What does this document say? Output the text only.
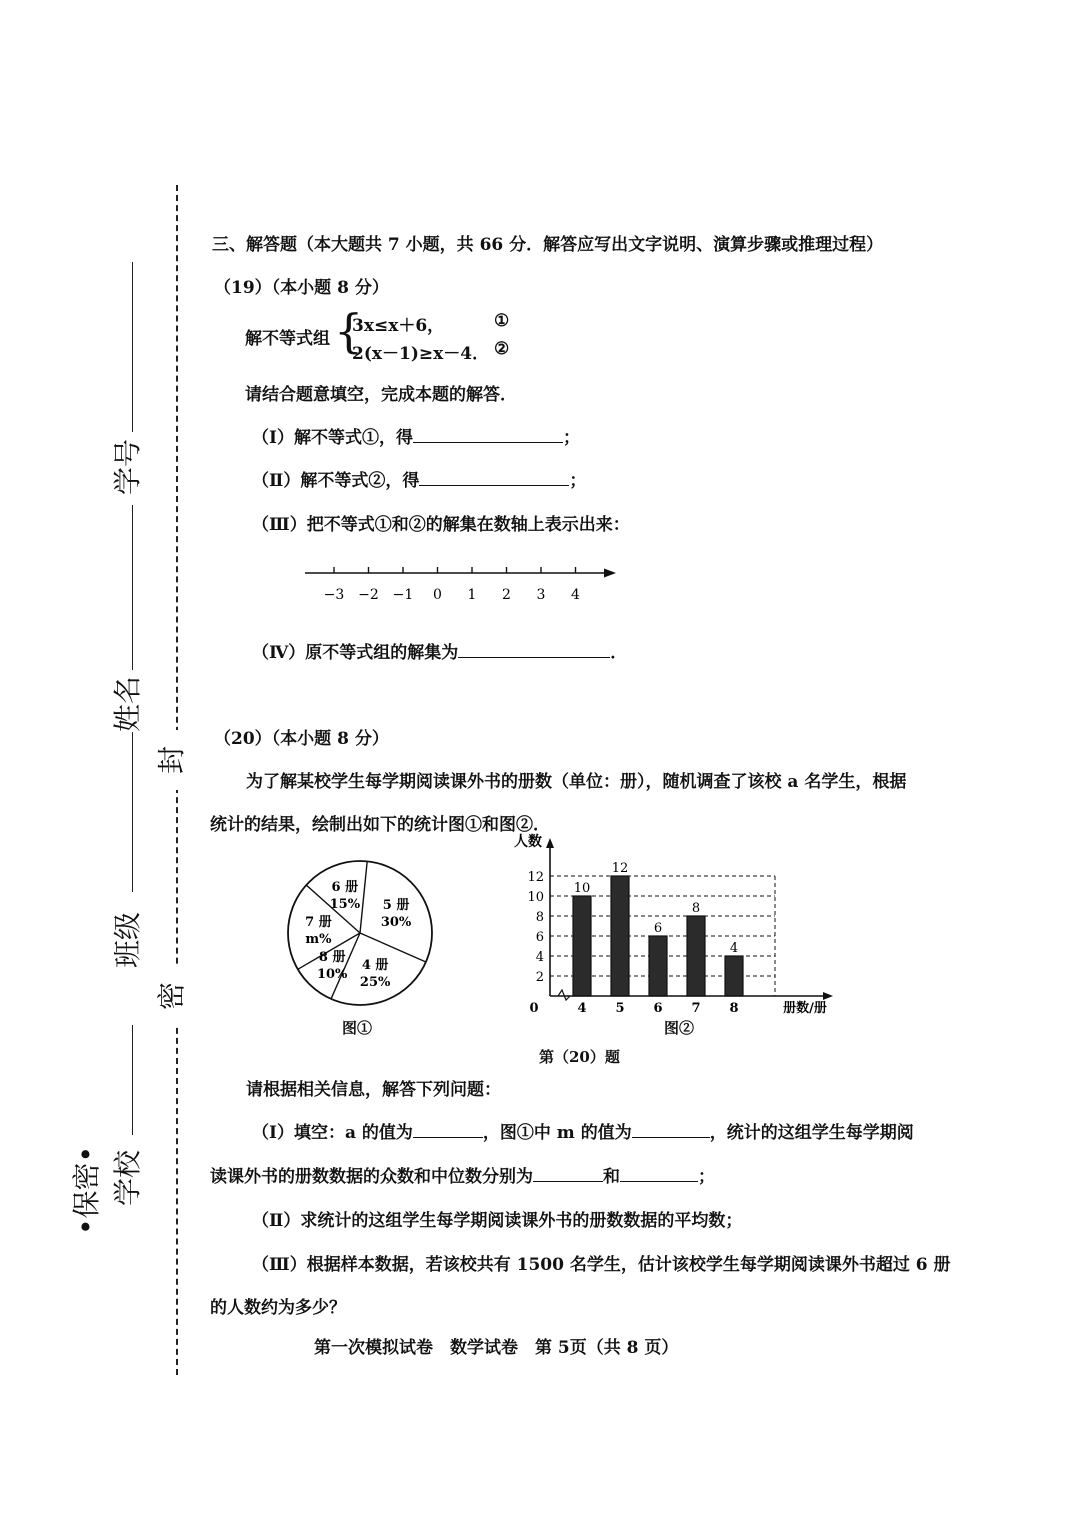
•保密• 学校
班级
姓名
学号
密
封
三、解答题（本大题共 7 小题，共 66 分．解答应写出文字说明、演算步骤或推理过程）
（19）（本小题 8 分）
解不等式组 {
3x≤x＋6，	①
2(x－1)≥x－4． ②
请结合题意填空，完成本题的解答．
（Ⅰ）解不等式①，得	；
（Ⅱ）解不等式②，得	；
（Ⅲ）把不等式①和②的解集在数轴上表示出来：
−3 −2 −1 0 1 2 3 4
（Ⅳ）原不等式组的解集为	．
（20）（本小题 8 分）
为了解某校学生每学期阅读课外书的册数（单位：册），随机调查了该校 a 名学生，根据
统计的结果，绘制出如下的统计图①和图②．
5 册
30%
4 册
25%
8 册
10%
7 册
m%
6 册
15%
图①
2
4
6
8
10
12
10
4
12
5
6
6
8
7
4
8
人数
0	册数/册
图②
第（20）题
请根据相关信息，解答下列问题：
（Ⅰ）填空：a 的值为	，图①中 m 的值为	，统计的这组学生每学期阅
读课外书的册数数据的众数和中位数分别为	和	；
（Ⅱ）求统计的这组学生每学期阅读课外书的册数数据的平均数；
（Ⅲ）根据样本数据，若该校共有 1500 名学生，估计该校学生每学期阅读课外书超过 6 册
的人数约为多少？
第一次模拟试卷　数学试卷　第 5页（共 8 页）
